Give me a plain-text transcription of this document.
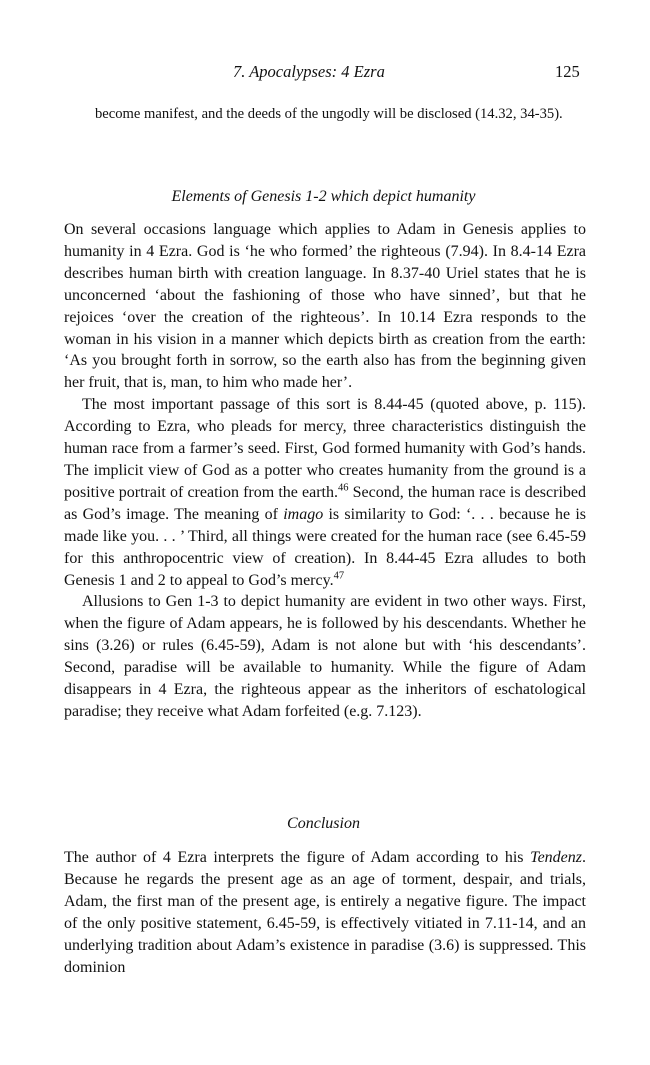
7. Apocalypses: 4 Ezra	125
become manifest, and the deeds of the ungodly will be disclosed (14.32, 34-35).
Elements of Genesis 1-2 which depict humanity

On several occasions language which applies to Adam in Genesis applies to humanity in 4 Ezra. God is ‘he who formed’ the righteous (7.94). In 8.4-14 Ezra describes human birth with creation language. In 8.37-40 Uriel states that he is unconcerned ‘about the fashioning of those who have sinned’, but that he rejoices ‘over the creation of the righteous’. In 10.14 Ezra responds to the woman in his vision in a manner which depicts birth as creation from the earth: ‘As you brought forth in sorrow, so the earth also has from the beginning given her fruit, that is, man, to him who made her’.

The most important passage of this sort is 8.44-45 (quoted above, p. 115). According to Ezra, who pleads for mercy, three characteristics distinguish the human race from a farmer’s seed. First, God formed humanity with God’s hands. The implicit view of God as a potter who creates humanity from the ground is a positive portrait of creation from the earth.$^{46}$ Second, the human race is described as God’s image. The meaning of imago is similarity to God: ‘. . . because he is made like you. . . ’ Third, all things were created for the human race (see 6.45-59 for this anthropocentric view of creation). In 8.44-45 Ezra alludes to both Genesis 1 and 2 to appeal to God’s mercy.$^{47}$

Allusions to Gen 1-3 to depict humanity are evident in two other ways. First, when the figure of Adam appears, he is followed by his descendants. Whether he sins (3.26) or rules (6.45-59), Adam is not alone but with ‘his descendants’. Second, paradise will be available to humanity. While the figure of Adam disappears in 4 Ezra, the righteous appear as the inheritors of eschatological paradise; they receive what Adam forfeited (e.g. 7.123).

Conclusion

The author of 4 Ezra interprets the figure of Adam according to his Tendenz. Because he regards the present age as an age of torment, despair, and trials, Adam, the first man of the present age, is entirely a negative figure. The impact of the only positive statement, 6.45-59, is effectively vitiated in 7.11-14, and an underlying tradition about Adam’s existence in paradise (3.6) is suppressed. This dominion
